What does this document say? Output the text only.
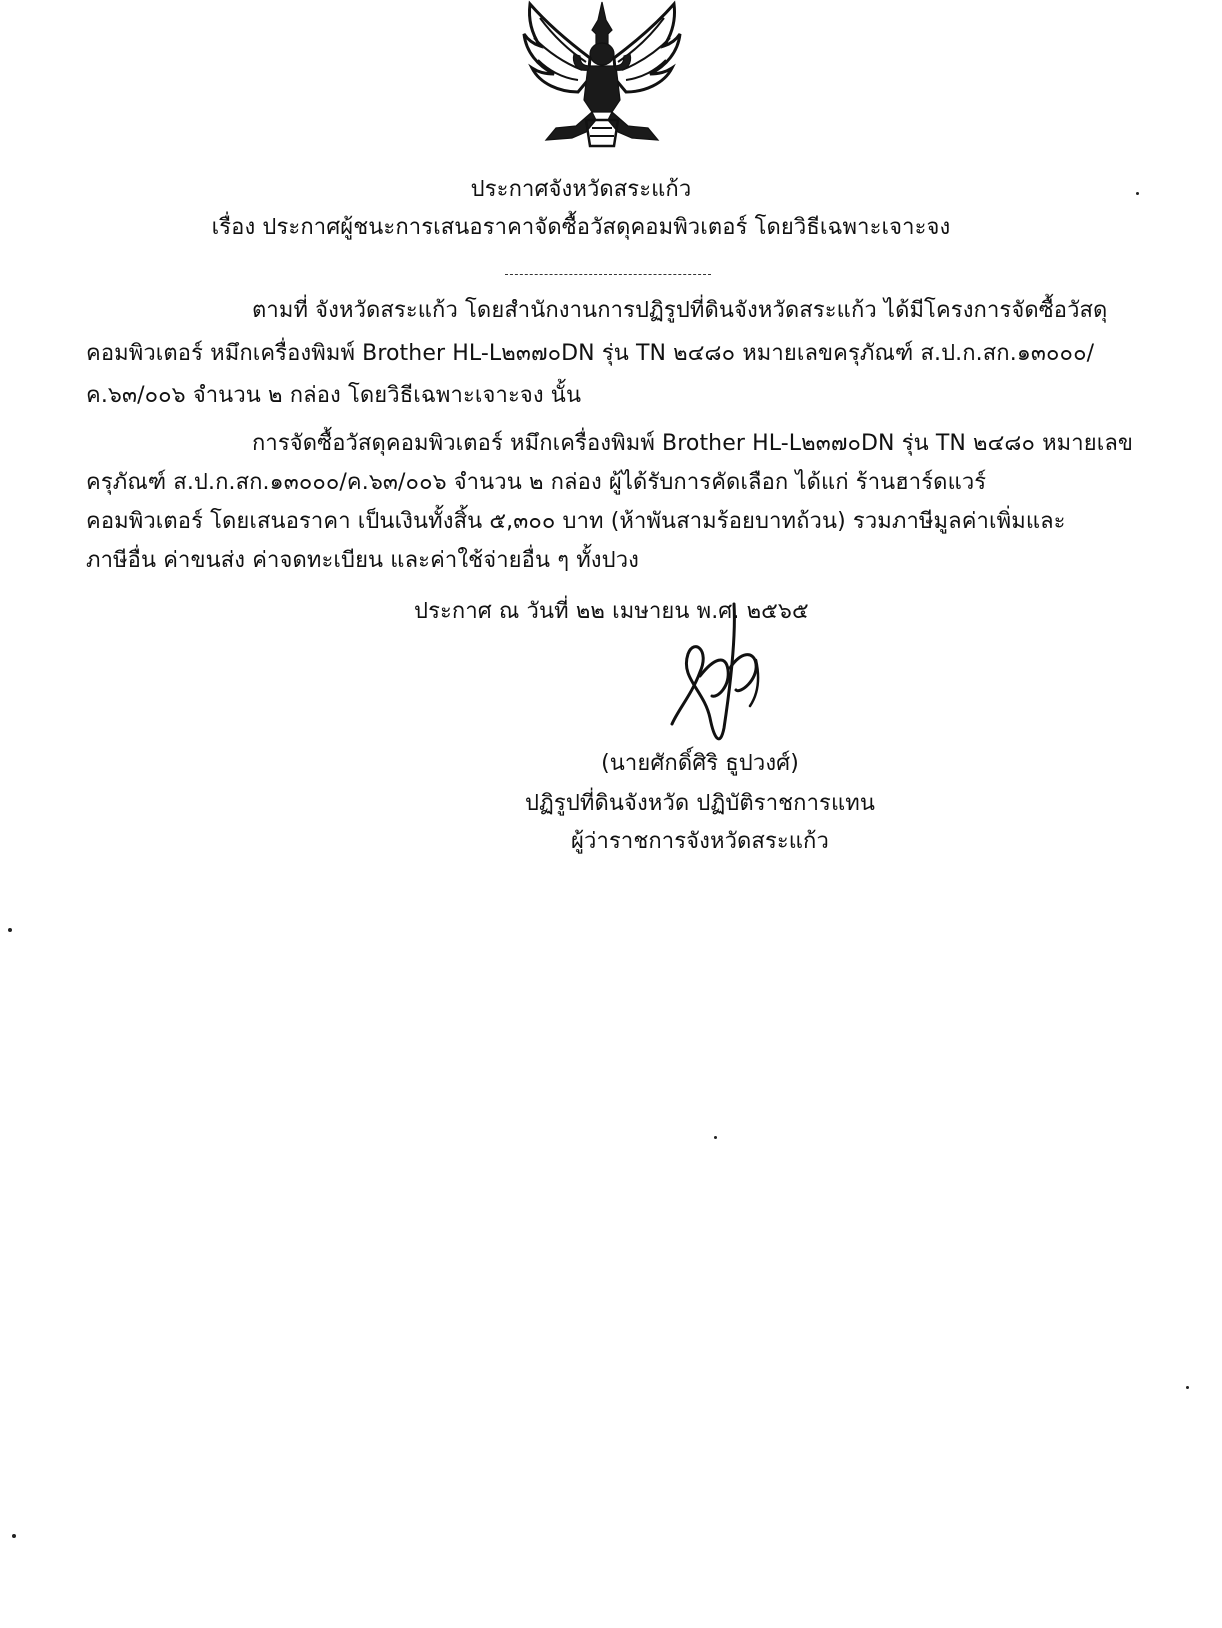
ประกาศจังหวัดสระแก้ว
เรื่อง ประกาศผู้ชนะการเสนอราคาจัดซื้อวัสดุคอมพิวเตอร์ โดยวิธีเฉพาะเจาะจง
ตามที่ จังหวัดสระแก้ว โดยสำนักงานการปฏิรูปที่ดินจังหวัดสระแก้ว ได้มีโครงการจัดซื้อวัสดุ
คอมพิวเตอร์ หมึกเครื่องพิมพ์ Brother HL-L๒๓๗๐DN รุ่น TN ๒๔๘๐ หมายเลขครุภัณฑ์ ส.ป.ก.สก.๑๓๐๐๐/
ค.๖๓/๐๐๖ จำนวน ๒ กล่อง โดยวิธีเฉพาะเจาะจง นั้น
การจัดซื้อวัสดุคอมพิวเตอร์ หมึกเครื่องพิมพ์ Brother HL-L๒๓๗๐DN รุ่น TN ๒๔๘๐ หมายเลข
ครุภัณฑ์ ส.ป.ก.สก.๑๓๐๐๐/ค.๖๓/๐๐๖ จำนวน ๒ กล่อง ผู้ได้รับการคัดเลือก ได้แก่ ร้านฮาร์ดแวร์
คอมพิวเตอร์ โดยเสนอราคา เป็นเงินทั้งสิ้น ๕,๓๐๐ บาท (ห้าพันสามร้อยบาทถ้วน) รวมภาษีมูลค่าเพิ่มและ
ภาษีอื่น ค่าขนส่ง ค่าจดทะเบียน และค่าใช้จ่ายอื่น ๆ ทั้งปวง
ประกาศ ณ วันที่ ๒๒ เมษายน พ.ศ. ๒๕๖๕
(นายศักดิ์ศิริ ธูปวงศ์)
ปฏิรูปที่ดินจังหวัด ปฏิบัติราชการแทน
ผู้ว่าราชการจังหวัดสระแก้ว
